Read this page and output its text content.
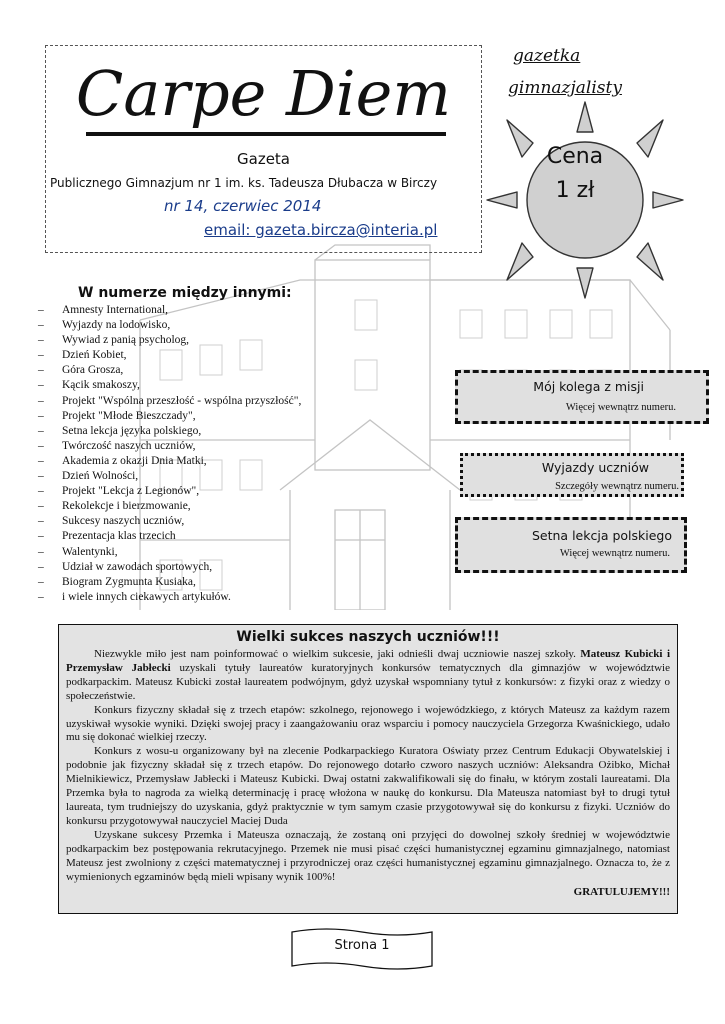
Carpe Diem
Gazeta
Publicznego Gimnazjum nr 1 im. ks. Tadeusza Dłubacza w Birczy
nr 14, czerwiec 2014
email: gazeta.bircza@interia.pl
gazetka
gimnazjalisty
Cena
1 zł
W numerze między innymi:
– Amnesty International,
– Wyjazdy na lodowisko,
– Wywiad z panią psycholog,
– Dzień Kobiet,
– Góra Grosza,
– Kącik smakoszy,
– Projekt "Wspólna przeszłość - wspólna przyszłość",
– Projekt "Młode Bieszczady",
– Setna lekcja języka polskiego,
– Twórczość naszych uczniów,
– Akademia z okazji Dnia Matki,
– Dzień Wolności,
– Projekt "Lekcja z Legionów",
– Rekolekcje i bierzmowanie,
– Sukcesy naszych uczniów,
– Prezentacja klas trzecich
– Walentynki,
– Udział w zawodach sportowych,
– Biogram Zygmunta Kusiaka,
– i wiele innych ciekawych artykułów.
Mój kolega z misji
Więcej wewnątrz numeru.
Wyjazdy uczniów
Szczegóły wewnątrz numeru.
Setna lekcja polskiego
Więcej wewnątrz numeru.
Wielki sukces naszych uczniów!!!

Niezwykle miło jest nam poinformować o wielkim sukcesie, jaki odnieśli dwaj uczniowie naszej szkoły. Mateusz Kubicki i Przemysław Jabłecki uzyskali tytuły laureatów kuratoryjnych konkursów tematycznych dla gimnazjów w województwie podkarpackim. Mateusz Kubicki został laureatem podwójnym, gdyż uzyskał wspomniany tytuł z konkursów: z fizyki oraz z wiedzy o społeczeństwie.

Konkurs fizyczny składał się z trzech etapów: szkolnego, rejonowego i wojewódzkiego, z których Mateusz za każdym razem uzyskiwał wysokie wyniki. Dzięki swojej pracy i zaangażowaniu oraz wsparciu i pomocy nauczyciela Grzegorza Kwaśnickiego, udało mu się dokonać wielkiej rzeczy.

Konkurs z wosu-u organizowany był na zlecenie Podkarpackiego Kuratora Oświaty przez Centrum Edukacji Obywatelskiej i podobnie jak fizyczny składał się z trzech etapów. Do rejonowego dotarło czworo naszych uczniów: Aleksandra Ożibko, Michał Mielnikiewicz, Przemysław Jabłecki i Mateusz Kubicki. Dwaj ostatni zakwalifikowali się do finału, w którym zostali laureatami. Dla Przemka była to nagroda za wielką determinację i pracę włożona w naukę do konkursu. Dla Mateusza natomiast był to drugi tytuł laureata, tym trudniejszy do uzyskania, gdyż praktycznie w tym samym czasie przygotowywał się do konkursu z fizyki. Uczniów do konkursu przygotowywał nauczyciel Maciej Duda

Uzyskane sukcesy Przemka i Mateusza oznaczają, że zostaną oni przyjęci do dowolnej szkoły średniej w województwie podkarpackim bez postępowania rekrutacyjnego. Przemek nie musi pisać części humanistycznej egzaminu gimnazjalnego, natomiast Mateusz jest zwolniony z części matematycznej i przyrodniczej oraz części humanistycznej egzaminu gimnazjalnego. Oznacza to, że z wymienionych egzaminów będą mieli wpisany wynik 100%!

GRATULUJEMY!!!
Strona 1
